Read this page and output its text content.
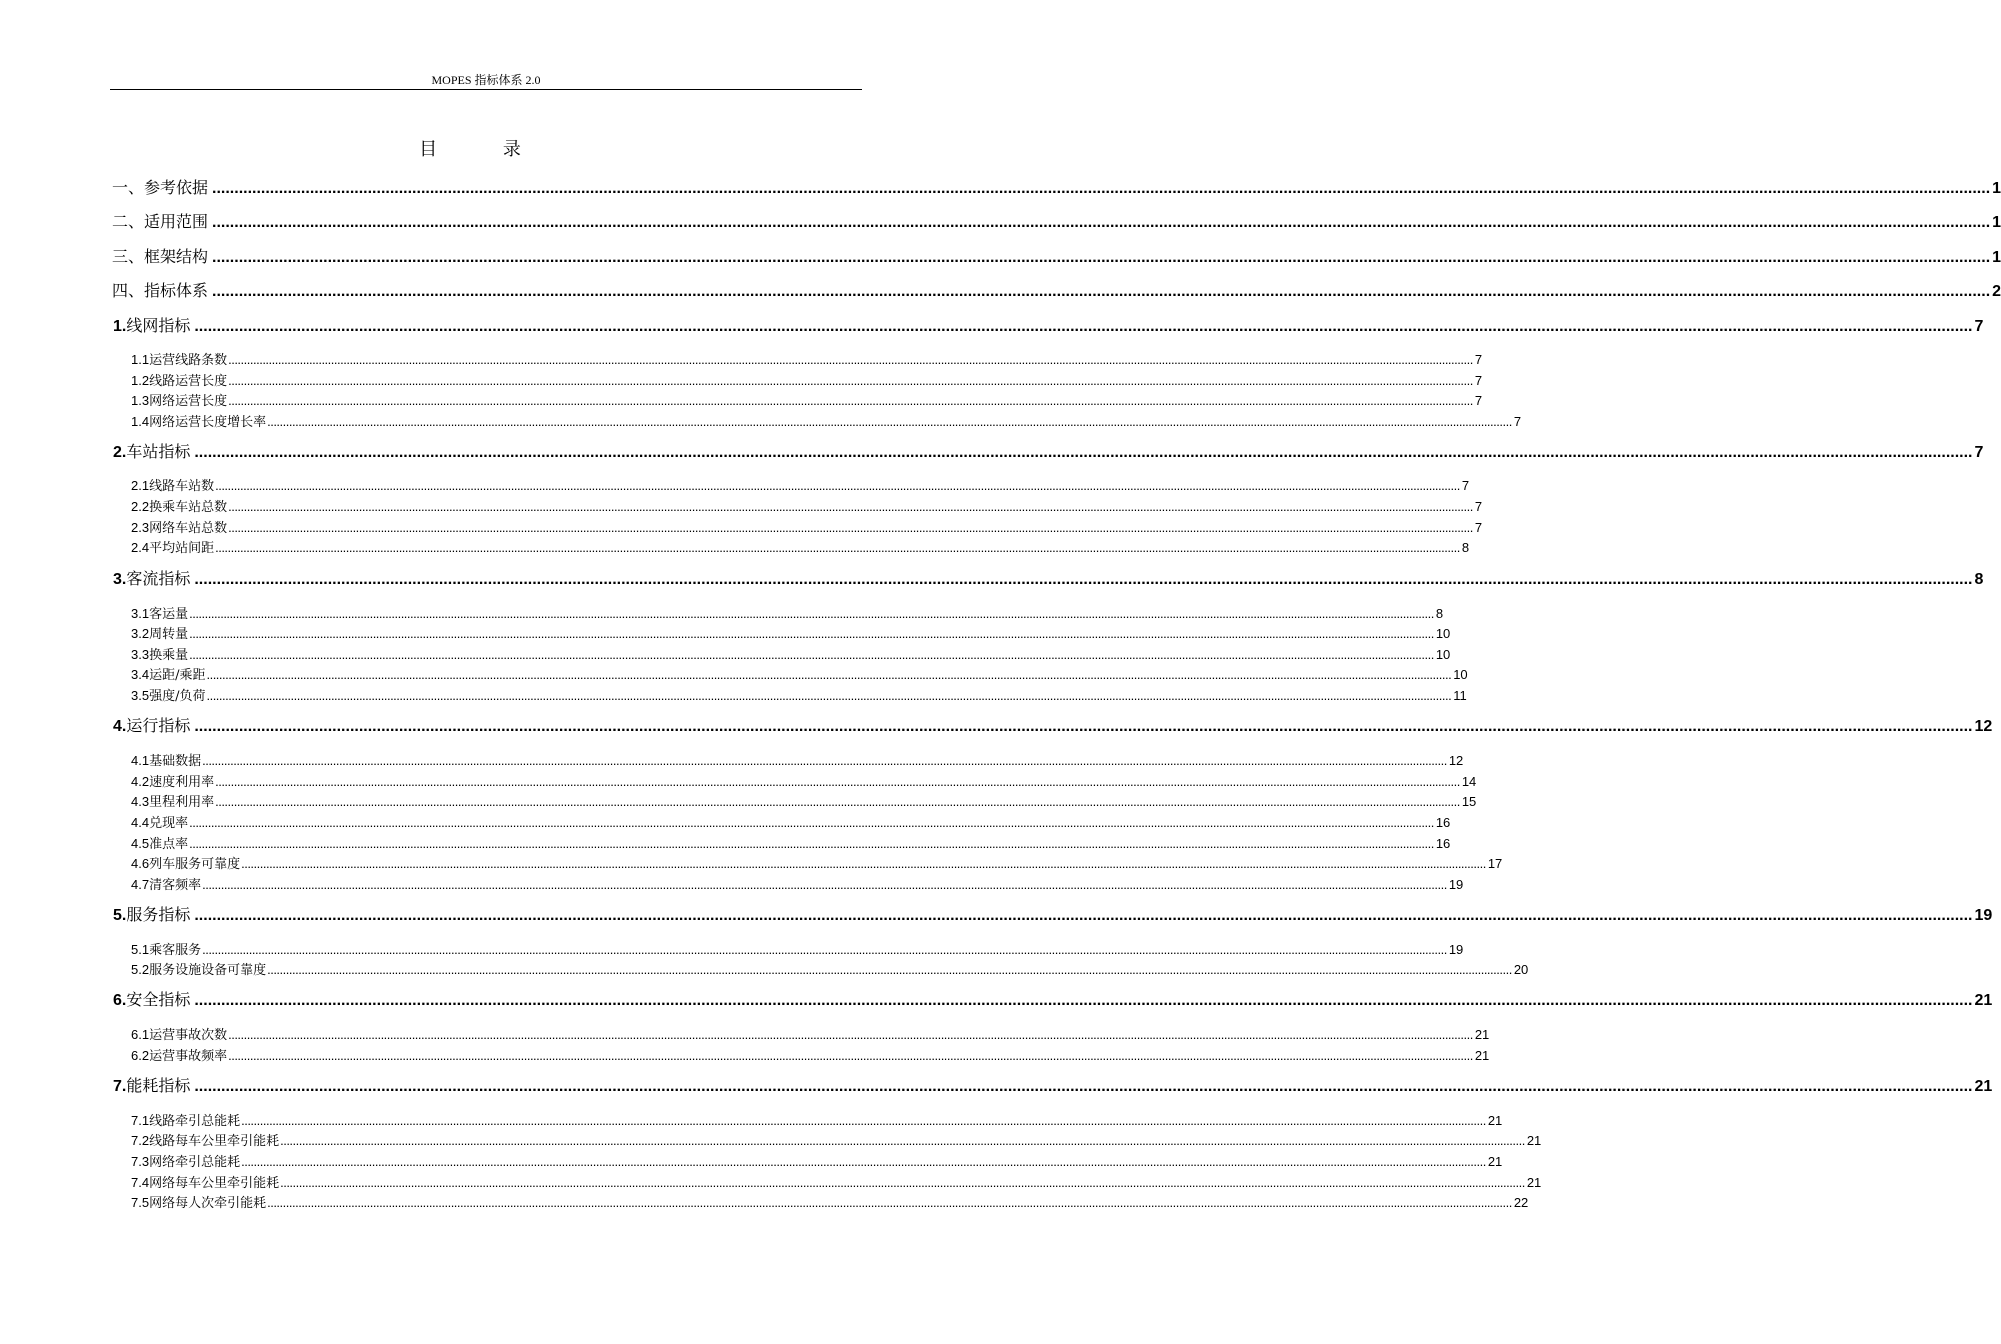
MOPES 指标体系 2.0
目 录
一、参考依据 ................................................................................................................................................................................................................................................................................................................................................................................................................ 1
二、适用范围 ................................................................................................................................................................................................................................................................................................................................................................................................................ 1
三、框架结构 ................................................................................................................................................................................................................................................................................................................................................................................................................ 1
四、指标体系 ................................................................................................................................................................................................................................................................................................................................................................................................................ 2
1. 线网指标 ................................................................................................................................................................................................................................................................................................................................................................................................................ 7
1.1 运营线路条数 ................................................................................................................................................................................................................................................................................................................................................................................................................ 7
1.2 线路运营长度 ................................................................................................................................................................................................................................................................................................................................................................................................................ 7
1.3 网络运营长度 ................................................................................................................................................................................................................................................................................................................................................................................................................ 7
1.4 网络运营长度增长率 ................................................................................................................................................................................................................................................................................................................................................................................................................ 7
2. 车站指标 ................................................................................................................................................................................................................................................................................................................................................................................................................ 7
2.1 线路车站数 ................................................................................................................................................................................................................................................................................................................................................................................................................ 7
2.2 换乘车站总数 ................................................................................................................................................................................................................................................................................................................................................................................................................ 7
2.3 网络车站总数 ................................................................................................................................................................................................................................................................................................................................................................................................................ 7
2.4 平均站间距 ................................................................................................................................................................................................................................................................................................................................................................................................................ 8
3. 客流指标 ................................................................................................................................................................................................................................................................................................................................................................................................................ 8
3.1 客运量 ................................................................................................................................................................................................................................................................................................................................................................................................................ 8
3.2 周转量 ................................................................................................................................................................................................................................................................................................................................................................................................................ 10
3.3 换乘量 ................................................................................................................................................................................................................................................................................................................................................................................................................ 10
3.4 运距/乘距 ................................................................................................................................................................................................................................................................................................................................................................................................................ 10
3.5 强度/负荷 ................................................................................................................................................................................................................................................................................................................................................................................................................ 11
4. 运行指标 ................................................................................................................................................................................................................................................................................................................................................................................................................ 12
4.1 基础数据 ................................................................................................................................................................................................................................................................................................................................................................................................................ 12
4.2 速度利用率 ................................................................................................................................................................................................................................................................................................................................................................................................................ 14
4.3 里程利用率 ................................................................................................................................................................................................................................................................................................................................................................................................................ 15
4.4 兑现率 ................................................................................................................................................................................................................................................................................................................................................................................................................ 16
4.5 准点率 ................................................................................................................................................................................................................................................................................................................................................................................................................ 16
4.6 列车服务可靠度 ................................................................................................................................................................................................................................................................................................................................................................................................................ 17
4.7 清客频率 ................................................................................................................................................................................................................................................................................................................................................................................................................ 19
5. 服务指标 ................................................................................................................................................................................................................................................................................................................................................................................................................ 19
5.1 乘客服务 ................................................................................................................................................................................................................................................................................................................................................................................................................ 19
5.2 服务设施设备可靠度 ................................................................................................................................................................................................................................................................................................................................................................................................................ 20
6. 安全指标 ................................................................................................................................................................................................................................................................................................................................................................................................................ 21
6.1 运营事故次数 ................................................................................................................................................................................................................................................................................................................................................................................................................ 21
6.2 运营事故频率 ................................................................................................................................................................................................................................................................................................................................................................................................................ 21
7. 能耗指标 ................................................................................................................................................................................................................................................................................................................................................................................................................ 21
7.1 线路牵引总能耗 ................................................................................................................................................................................................................................................................................................................................................................................................................ 21
7.2 线路每车公里牵引能耗 ................................................................................................................................................................................................................................................................................................................................................................................................................ 21
7.3 网络牵引总能耗 ................................................................................................................................................................................................................................................................................................................................................................................................................ 21
7.4 网络每车公里牵引能耗 ................................................................................................................................................................................................................................................................................................................................................................................................................ 21
7.5 网络每人次牵引能耗 ................................................................................................................................................................................................................................................................................................................................................................................................................ 22
